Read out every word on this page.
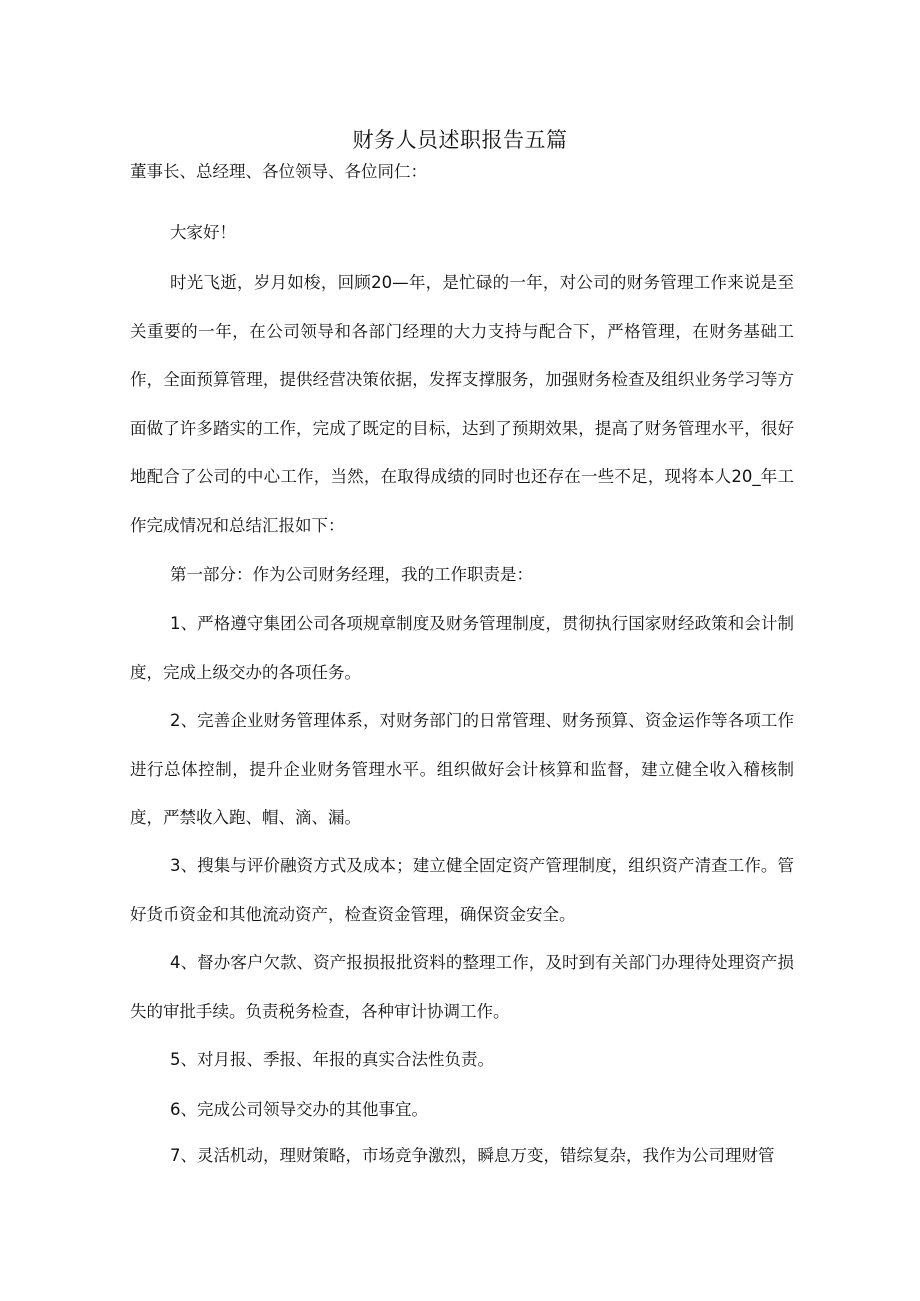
财务人员述职报告五篇

董事长、总经理、各位领导、各位同仁：

大家好！

时光飞逝，岁月如梭，回顾20—年，是忙碌的一年，对公司的财务管理工作来说是至关重要的一年，在公司领导和各部门经理的大力支持与配合下，严格管理，在财务基础工作，全面预算管理，提供经营决策依据，发挥支撑服务，加强财务检查及组织业务学习等方面做了许多踏实的工作，完成了既定的目标，达到了预期效果，提高了财务管理水平，很好地配合了公司的中心工作，当然，在取得成绩的同时也还存在一些不足，现将本人20_年工作完成情况和总结汇报如下：

第一部分：作为公司财务经理，我的工作职责是：

1、严格遵守集团公司各项规章制度及财务管理制度，贯彻执行国家财经政策和会计制度，完成上级交办的各项任务。

2、完善企业财务管理体系，对财务部门的日常管理、财务预算、资金运作等各项工作进行总体控制，提升企业财务管理水平。组织做好会计核算和监督，建立健全收入稽核制度，严禁收入跑、帽、滴、漏。

3、搜集与评价融资方式及成本；建立健全固定资产管理制度，组织资产清查工作。管好货币资金和其他流动资产，检查资金管理，确保资金安全。

4、督办客户欠款、资产报损报批资料的整理工作，及时到有关部门办理待处理资产损失的审批手续。负责税务检查，各种审计协调工作。

5、对月报、季报、年报的真实合法性负责。

6、完成公司领导交办的其他事宜。

7、灵活机动，理财策略，市场竞争激烈，瞬息万变，错综复杂，我作为公司理财管
